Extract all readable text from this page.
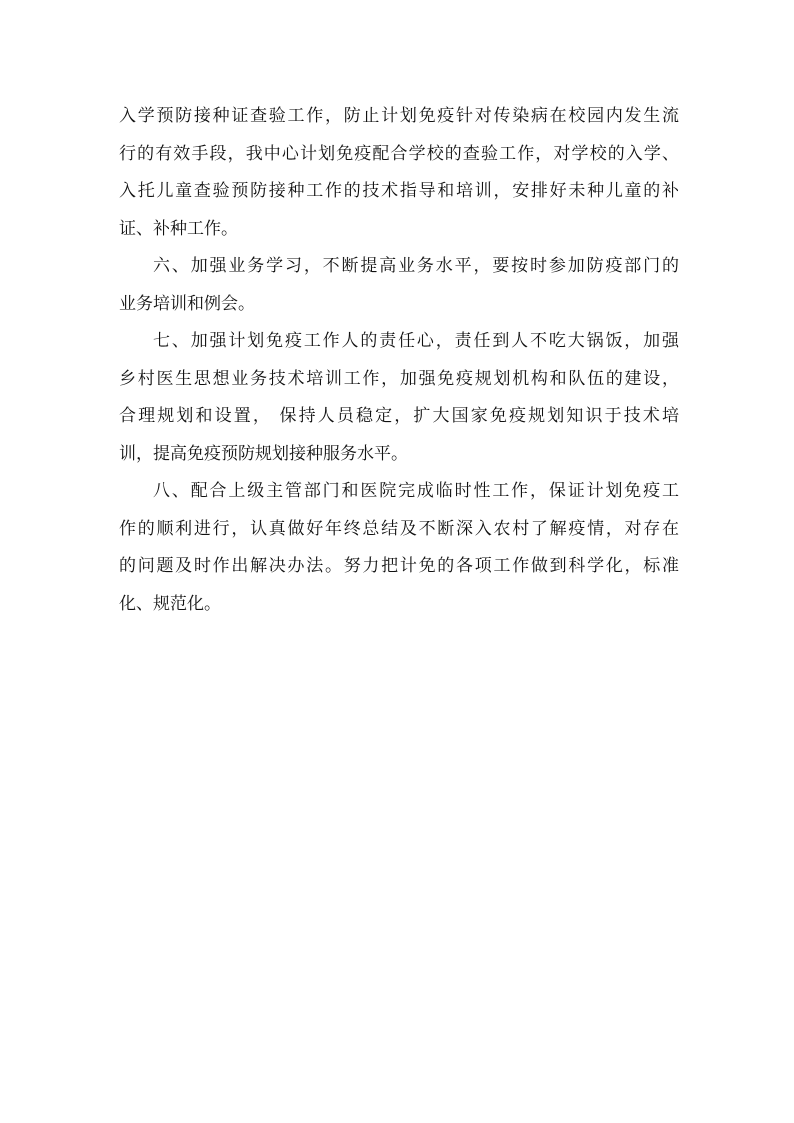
入学预防接种证查验工作，防止计划免疫针对传染病在校园内发生流
行的有效手段，我中心计划免疫配合学校的查验工作，对学校的入学、
入托儿童查验预防接种工作的技术指导和培训，安排好未种儿童的补
证、补种工作。
六、加强业务学习，不断提高业务水平，要按时参加防疫部门的
业务培训和例会。
七、加强计划免疫工作人的责任心，责任到人不吃大锅饭，加强
乡村医生思想业务技术培训工作，加强免疫规划机构和队伍的建设，
合理规划和设置， 保持人员稳定，扩大国家免疫规划知识于技术培
训，提高免疫预防规划接种服务水平。
八、配合上级主管部门和医院完成临时性工作，保证计划免疫工
作的顺利进行，认真做好年终总结及不断深入农村了解疫情，对存在
的问题及时作出解决办法。努力把计免的各项工作做到科学化，标准
化、规范化。
